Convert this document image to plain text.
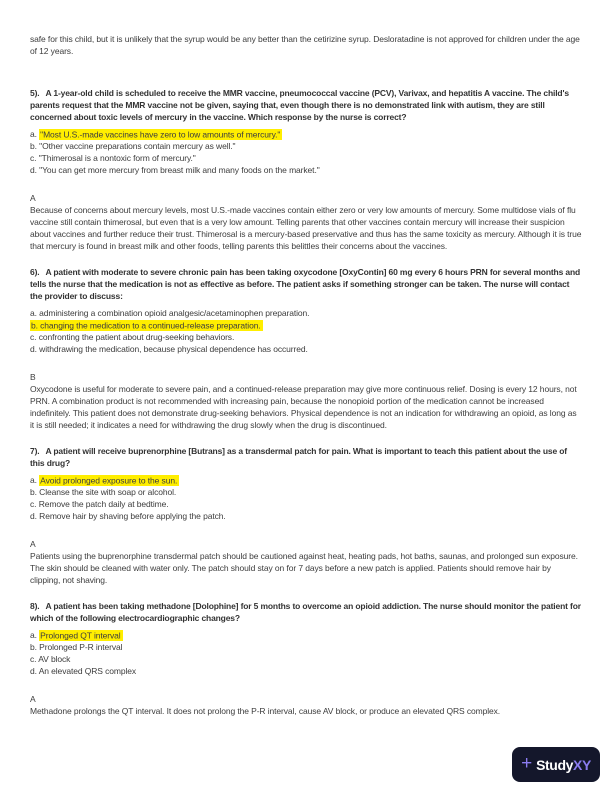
safe for this child, but it is unlikely that the syrup would be any better than the cetirizine syrup. Desloratadine is not approved for children under the age of 12 years.

5). A 1-year-old child is scheduled to receive the MMR vaccine, pneumococcal vaccine (PCV), Varivax, and hepatitis A vaccine. The child's parents request that the MMR vaccine not be given, saying that, even though there is no demonstrated link with autism, they are still concerned about toxic levels of mercury in the vaccine. Which response by the nurse is correct?

a. "Most U.S.-made vaccines have zero to low amounts of mercury."

b. "Other vaccine preparations contain mercury as well."

c. "Thimerosal is a nontoxic form of mercury."

d. "You can get more mercury from breast milk and many foods on the market."

A

Because of concerns about mercury levels, most U.S.-made vaccines contain either zero or very low amounts of mercury. Some multidose vials of flu vaccine still contain thimerosal, but even that is a very low amount. Telling parents that other vaccines contain mercury will increase their suspicion about vaccines and further reduce their trust. Thimerosal is a mercury-based preservative and thus has the same toxicity as mercury. Although it is true that mercury is found in breast milk and other foods, telling parents this belittles their concerns about the vaccines.

6). A patient with moderate to severe chronic pain has been taking oxycodone [OxyContin] 60 mg every 6 hours PRN for several months and tells the nurse that the medication is not as effective as before. The patient asks if something stronger can be taken. The nurse will contact the provider to discuss:

a. administering a combination opioid analgesic/acetaminophen preparation.

b. changing the medication to a continued-release preparation.

c. confronting the patient about drug-seeking behaviors.

d. withdrawing the medication, because physical dependence has occurred.

B

Oxycodone is useful for moderate to severe pain, and a continued-release preparation may give more continuous relief. Dosing is every 12 hours, not PRN. A combination product is not recommended with increasing pain, because the nonopioid portion of the medication cannot be increased indefinitely. This patient does not demonstrate drug-seeking behaviors. Physical dependence is not an indication for withdrawing an opioid, as long as it is still needed; it indicates a need for withdrawing the drug slowly when the drug is discontinued.

7). A patient will receive buprenorphine [Butrans] as a transdermal patch for pain. What is important to teach this patient about the use of this drug?

a. Avoid prolonged exposure to the sun.

b. Cleanse the site with soap or alcohol.

c. Remove the patch daily at bedtime.

d. Remove hair by shaving before applying the patch.

A

Patients using the buprenorphine transdermal patch should be cautioned against heat, heating pads, hot baths, saunas, and prolonged sun exposure. The skin should be cleaned with water only. The patch should stay on for 7 days before a new patch is applied. Patients should remove hair by clipping, not shaving.

8). A patient has been taking methadone [Dolophine] for 5 months to overcome an opioid addiction. The nurse should monitor the patient for which of the following electrocardiographic changes?

a. Prolonged QT interval

b. Prolonged P-R interval

c. AV block

d. An elevated QRS complex

A

Methadone prolongs the QT interval. It does not prolong the P-R interval, cause AV block, or produce an elevated QRS complex.

+ StudyXY
